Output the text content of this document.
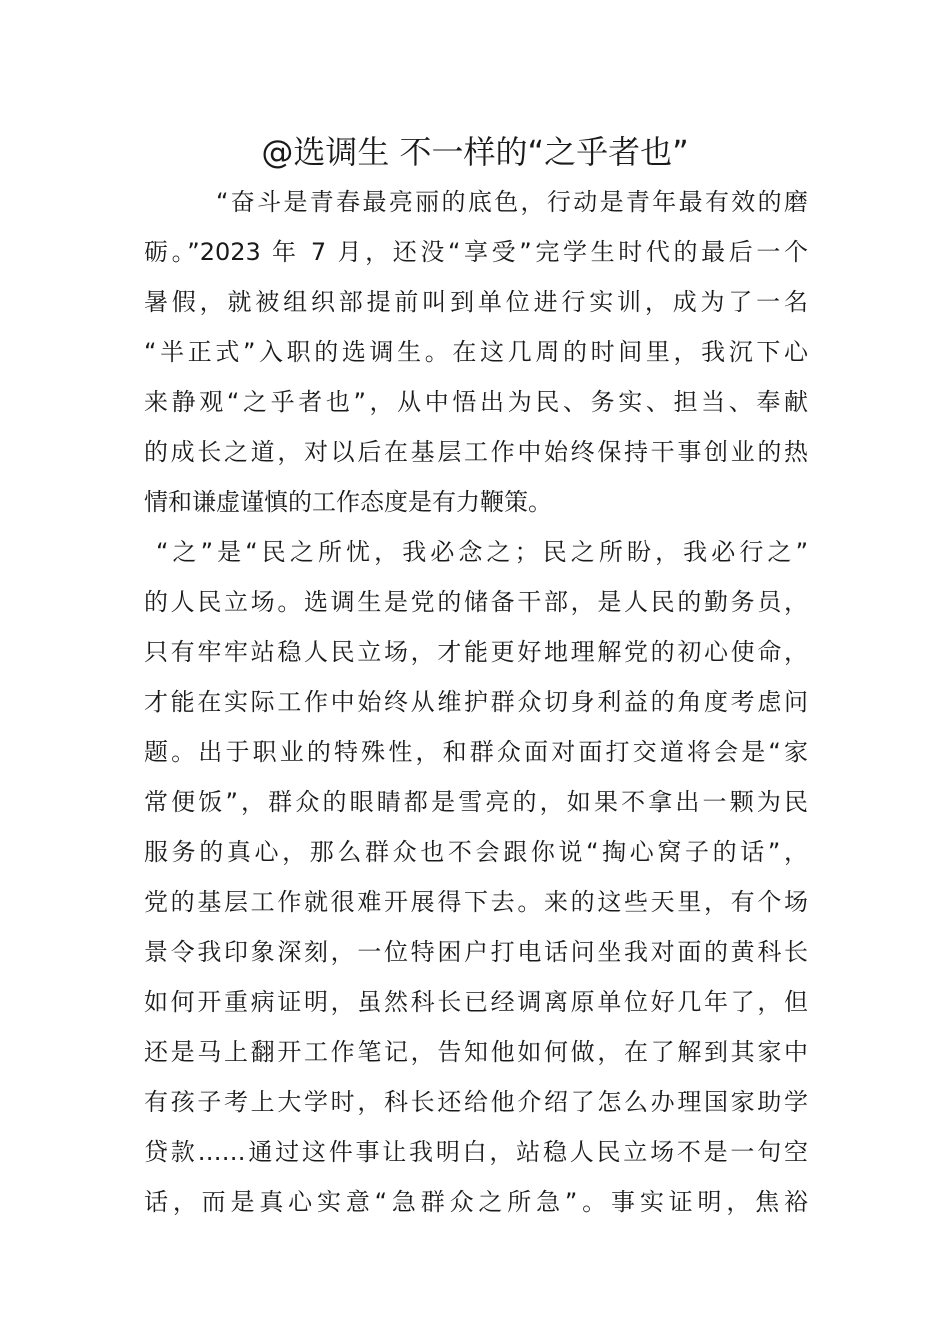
@选调生 不一样的“之乎者也”
“奋斗是青春最亮丽的底色，行动是青年最有效的磨
砺。”2023 年 7 月，还没“享受”完学生时代的最后一个
暑假，就被组织部提前叫到单位进行实训，成为了一名
“半正式”入职的选调生。在这几周的时间里，我沉下心
来静观“之乎者也”，从中悟出为民、务实、担当、奉献
的成长之道，对以后在基层工作中始终保持干事创业的热
情和谦虚谨慎的工作态度是有力鞭策。
“之”是“民之所忧，我必念之；民之所盼，我必行之”
的人民立场。选调生是党的储备干部，是人民的勤务员，
只有牢牢站稳人民立场，才能更好地理解党的初心使命，
才能在实际工作中始终从维护群众切身利益的角度考虑问
题。出于职业的特殊性，和群众面对面打交道将会是“家
常便饭”，群众的眼睛都是雪亮的，如果不拿出一颗为民
服务的真心，那么群众也不会跟你说“掏心窝子的话”，
党的基层工作就很难开展得下去。来的这些天里，有个场
景令我印象深刻，一位特困户打电话问坐我对面的黄科长
如何开重病证明，虽然科长已经调离原单位好几年了，但
还是马上翻开工作笔记，告知他如何做，在了解到其家中
有孩子考上大学时，科长还给他介绍了怎么办理国家助学
贷款……通过这件事让我明白，站稳人民立场不是一句空
话，而是真心实意“急群众之所急”。事实证明，焦裕
